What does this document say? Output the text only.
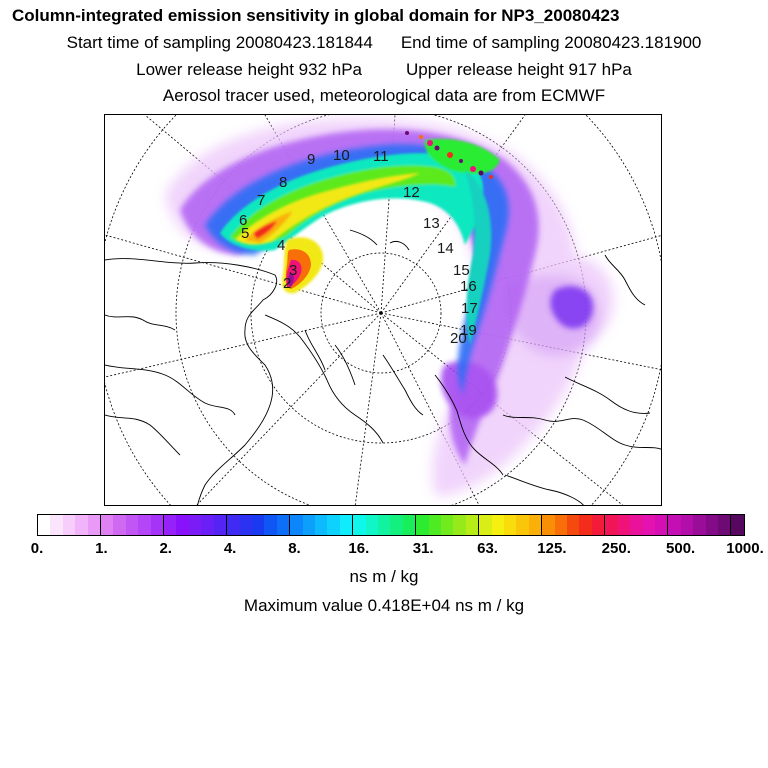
Column-integrated emission sensitivity in global domain for NP3_20080423
Start time of sampling 20080423.181844 End time of sampling 20080423.181900
Lower release height 932 hPa	Upper release height 917 hPa
Aerosol tracer used, meteorological data are from ECMWF
2
3
4
5
6
7
8
9 10 11
12
13
14
15
16
17
19
20
0.	1.	2.	4.	8.	16.	31.	63.	125. 250. 500. 1000.
ns m / kg
Maximum value 0.418E+04 ns m / kg
